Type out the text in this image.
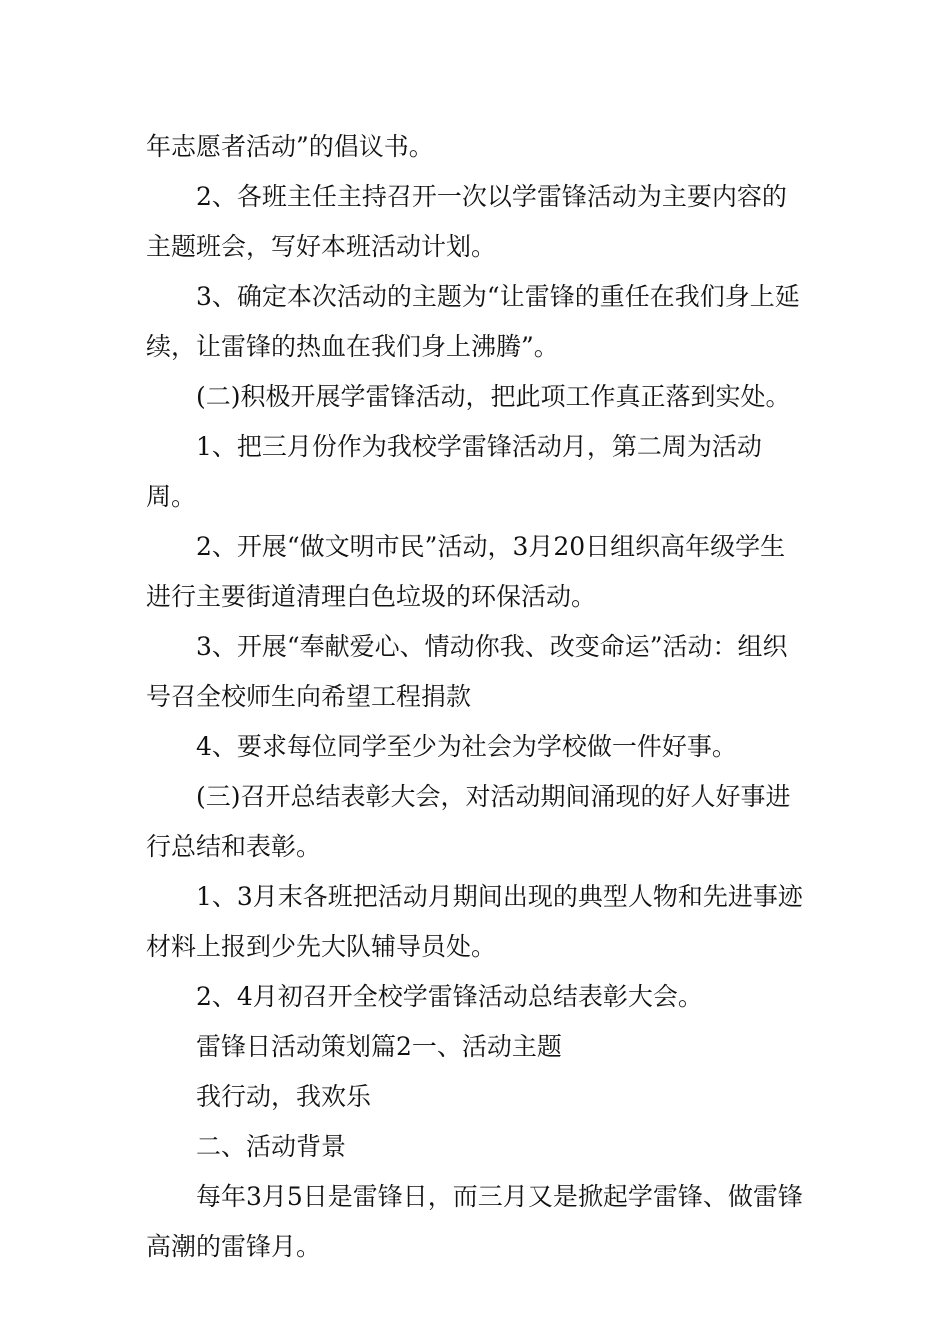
年志愿者活动”的倡议书。

2、各班主任主持召开一次以学雷锋活动为主要内容的主题班会，写好本班活动计划。

3、确定本次活动的主题为“让雷锋的重任在我们身上延续，让雷锋的热血在我们身上沸腾”。

(二)积极开展学雷锋活动，把此项工作真正落到实处。

1、把三月份作为我校学雷锋活动月，第二周为活动周。

2、开展“做文明市民”活动，3月20日组织高年级学生进行主要街道清理白色垃圾的环保活动。

3、开展“奉献爱心、情动你我、改变命运”活动：组织号召全校师生向希望工程捐款

4、要求每位同学至少为社会为学校做一件好事。

(三)召开总结表彰大会，对活动期间涌现的好人好事进行总结和表彰。

1、3月末各班把活动月期间出现的典型人物和先进事迹材料上报到少先大队辅导员处。

2、4月初召开全校学雷锋活动总结表彰大会。

雷锋日活动策划篇2一、活动主题

我行动，我欢乐

二、活动背景

每年3月5日是雷锋日，而三月又是掀起学雷锋、做雷锋高潮的雷锋月。
